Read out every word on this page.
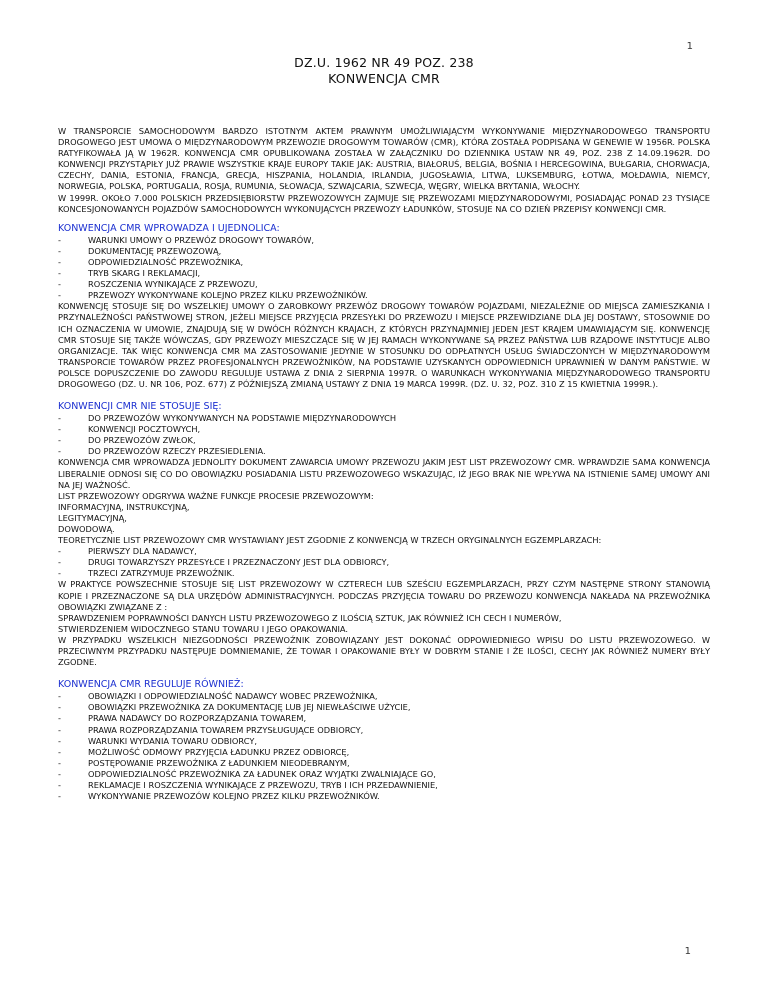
1
DZ.U. 1962 NR 49 POZ. 238
KONWENCJA CMR

W TRANSPORCIE SAMOCHODOWYM BARDZO ISTOTNYM AKTEM PRAWNYM UMOŻLIWIAJĄCYM WYKONYWANIE MIĘDZYNARODOWEGO TRANSPORTU DROGOWEGO JEST UMOWA O MIĘDZYNARODOWYM PRZEWOZIE DROGOWYM TOWARÓW (CMR), KTÓRA ZOSTAŁA PODPISANA W GENEWIE W 1956R. POLSKA RATYFIKOWAŁA JĄ W 1962R. KONWENCJA CMR OPUBLIKOWANA ZOSTAŁA W ZAŁĄCZNIKU DO DZIENNIKA USTAW NR 49, POZ. 238 Z 14.09.1962R. DO KONWENCJI PRZYSTĄPIŁY JUŻ PRAWIE WSZYSTKIE KRAJE EUROPY TAKIE JAK: AUSTRIA, BIAŁORUŚ, BELGIA, BOŚNIA I HERCEGOWINA, BUŁGARIA, CHORWACJA, CZECHY, DANIA, ESTONIA, FRANCJA, GRECJA, HISZPANIA, HOLANDIA, IRLANDIA, JUGOSŁAWIA, LITWA, LUKSEMBURG, ŁOTWA, MOŁDAWIA, NIEMCY, NORWEGIA, POLSKA, PORTUGALIA, ROSJA, RUMUNIA, SŁOWACJA, SZWAJCARIA, SZWECJA, WĘGRY, WIELKA BRYTANIA, WŁOCHY.

W 1999R. OKOŁO 7.000 POLSKICH PRZEDSIĘBIORSTW PRZEWOZOWYCH ZAJMUJE SIĘ PRZEWOZAMI MIĘDZYNARODOWYMI, POSIADAJĄC PONAD 23 TYSIĄCE KONCESJONOWANYCH POJAZDÓW SAMOCHODOWYCH WYKONUJĄCYCH PRZEWOZY ŁADUNKÓW, STOSUJE NA CO DZIEŃ PRZEPISY KONWENCJI CMR.

KONWENCJA CMR WPROWADZA I UJEDNOLICA:

-	WARUNKI UMOWY O PRZEWÓZ DROGOWY TOWARÓW,
-	DOKUMENTACJĘ PRZEWOZOWĄ,
-	ODPOWIEDZIALNOŚĆ PRZEWOŹNIKA,
-	TRYB SKARG I REKLAMACJI,
-	ROSZCZENIA WYNIKAJĄCE Z PRZEWOZU,
-	PRZEWOZY WYKONYWANE KOLEJNO PRZEZ KILKU PRZEWOŹNIKÓW.

KONWENCJĘ STOSUJE SIĘ DO WSZELKIEJ UMOWY O ZAROBKOWY PRZEWÓZ DROGOWY TOWARÓW POJAZDAMI, NIEZALEŻNIE OD MIEJSCA ZAMIESZKANIA I PRZYNALEŻNOŚCI PAŃSTWOWEJ STRON, JEŻELI MIEJSCE PRZYJĘCIA PRZESYŁKI DO PRZEWOZU I MIEJSCE PRZEWIDZIANE DLA JEJ DOSTAWY, STOSOWNIE DO ICH OZNACZENIA W UMOWIE, ZNAJDUJĄ SIĘ W DWÓCH RÓŻNYCH KRAJACH, Z KTÓRYCH PRZYNAJMNIEJ JEDEN JEST KRAJEM UMAWIAJĄCYM SIĘ. KONWENCJĘ CMR STOSUJE SIĘ TAKŻE WÓWCZAS, GDY PRZEWOZY MIESZCZĄCE SIĘ W JEJ RAMACH WYKONYWANE SĄ PRZEZ PAŃSTWA LUB RZĄDOWE INSTYTUCJE ALBO ORGANIZACJE. TAK WIĘC KONWENCJA CMR MA ZASTOSOWANIE JEDYNIE W STOSUNKU DO ODPŁATNYCH USŁUG ŚWIADCZONYCH W MIĘDZYNARODOWYM TRANSPORCIE TOWARÓW PRZEZ PROFESJONALNYCH PRZEWOŹNIKÓW, NA PODSTAWIE UZYSKANYCH ODPOWIEDNICH UPRAWNIEŃ W DANYM PAŃSTWIE. W POLSCE DOPUSZCZENIE DO ZAWODU REGULUJE USTAWA Z DNIA 2 SIERPNIA 1997R. O WARUNKACH WYKONYWANIA MIĘDZYNARODOWEGO TRANSPORTU DROGOWEGO (DZ. U. NR 106, POZ. 677) Z PÓŹNIEJSZĄ ZMIANĄ USTAWY Z DNIA 19 MARCA 1999R. (DZ. U. 32, POZ. 310 Z 15 KWIETNIA 1999R.).

KONWENCJI CMR NIE STOSUJE SIĘ:

-	DO PRZEWOZÓW WYKONYWANYCH NA PODSTAWIE MIĘDZYNARODOWYCH
-	KONWENCJI POCZTOWYCH,
-	DO PRZEWOZÓW ZWŁOK,
-	DO PRZEWOZÓW RZECZY PRZESIEDLENIA.

KONWENCJA CMR WPROWADZA JEDNOLITY DOKUMENT ZAWARCIA UMOWY PRZEWOZU JAKIM JEST LIST PRZEWOZOWY CMR. WPRAWDZIE SAMA KONWENCJA LIBERALNIE ODNOSI SIĘ CO DO OBOWIĄZKU POSIADANIA LISTU PRZEWOZOWEGO WSKAZUJĄC, IŻ JEGO BRAK NIE WPŁYWA NA ISTNIENIE SAMEJ UMOWY ANI NA JEJ WAŻNOŚĆ.

LIST PRZEWOZOWY ODGRYWA WAŻNE FUNKCJE PROCESIE PRZEWOZOWYM:

INFORMACYJNĄ, INSTRUKCYJNĄ,

LEGITYMACYJNĄ,

DOWODOWĄ.

TEORETYCZNIE LIST PRZEWOZOWY CMR WYSTAWIANY JEST ZGODNIE Z KONWENCJĄ W TRZECH ORYGINALNYCH EGZEMPLARZACH:

-	PIERWSZY DLA NADAWCY,
-	DRUGI TOWARZYSZY PRZESYŁCE I PRZEZNACZONY JEST DLA ODBIORCY,
-	TRZECI ZATRZYMUJE PRZEWOŹNIK.

W PRAKTYCE POWSZECHNIE STOSUJE SIĘ LIST PRZEWOZOWY W CZTERECH LUB SZEŚCIU EGZEMPLARZACH, PRZY CZYM NASTĘPNE STRONY STANOWIĄ KOPIE I PRZEZNACZONE SĄ DLA URZĘDÓW ADMINISTRACYJNYCH. PODCZAS PRZYJĘCIA TOWARU DO PRZEWOZU KONWENCJA NAKŁADA NA PRZEWOŹNIKA OBOWIĄZKI ZWIĄZANE Z :

SPRAWDZENIEM POPRAWNOŚCI DANYCH LISTU PRZEWOZOWEGO Z ILOŚCIĄ SZTUK, JAK RÓWNIEŻ ICH CECH I NUMERÓW,

STWIERDZENIEM WIDOCZNEGO STANU TOWARU I JEGO OPAKOWANIA.

W PRZYPADKU WSZELKICH NIEZGODNOŚCI PRZEWOŹNIK ZOBOWIĄZANY JEST DOKONAĆ ODPOWIEDNIEGO WPISU DO LISTU PRZEWOZOWEGO. W PRZECIWNYM PRZYPADKU NASTĘPUJE DOMNIEMANIE, ŻE TOWAR I OPAKOWANIE BYŁY W DOBRYM STANIE I ŻE ILOŚCI, CECHY JAK RÓWNIEŻ NUMERY BYŁY ZGODNE.

KONWENCJA CMR REGULUJE RÓWNIEŻ:

-	OBOWIĄZKI I ODPOWIEDZIALNOŚĆ NADAWCY WOBEC PRZEWOŹNIKA,
-	OBOWIĄZKI PRZEWOŹNIKA ZA DOKUMENTACJĘ LUB JEJ NIEWŁAŚCIWE UŻYCIE,
-	PRAWA NADAWCY DO ROZPORZĄDZANIA TOWAREM,
-	PRAWA ROZPORZĄDZANIA TOWAREM PRZYSŁUGUJĄCE ODBIORCY,
-	WARUNKI WYDANIA TOWARU ODBIORCY,
-	MOŻLIWOŚĆ ODMOWY PRZYJĘCIA ŁADUNKU PRZEZ ODBIORCĘ,
-	POSTĘPOWANIE PRZEWOŹNIKA Z ŁADUNKIEM NIEODEBRANYM,
-	ODPOWIEDZIALNOŚĆ PRZEWOŹNIKA ZA ŁADUNEK ORAZ WYJĄTKI ZWALNIAJĄCE GO,
-	REKLAMACJE I ROSZCZENIA WYNIKAJĄCE Z PRZEWOZU, TRYB I ICH PRZEDAWNIENIE,
-	WYKONYWANIE PRZEWOZÓW KOLEJNO PRZEZ KILKU PRZEWOŹNIKÓW.
1
